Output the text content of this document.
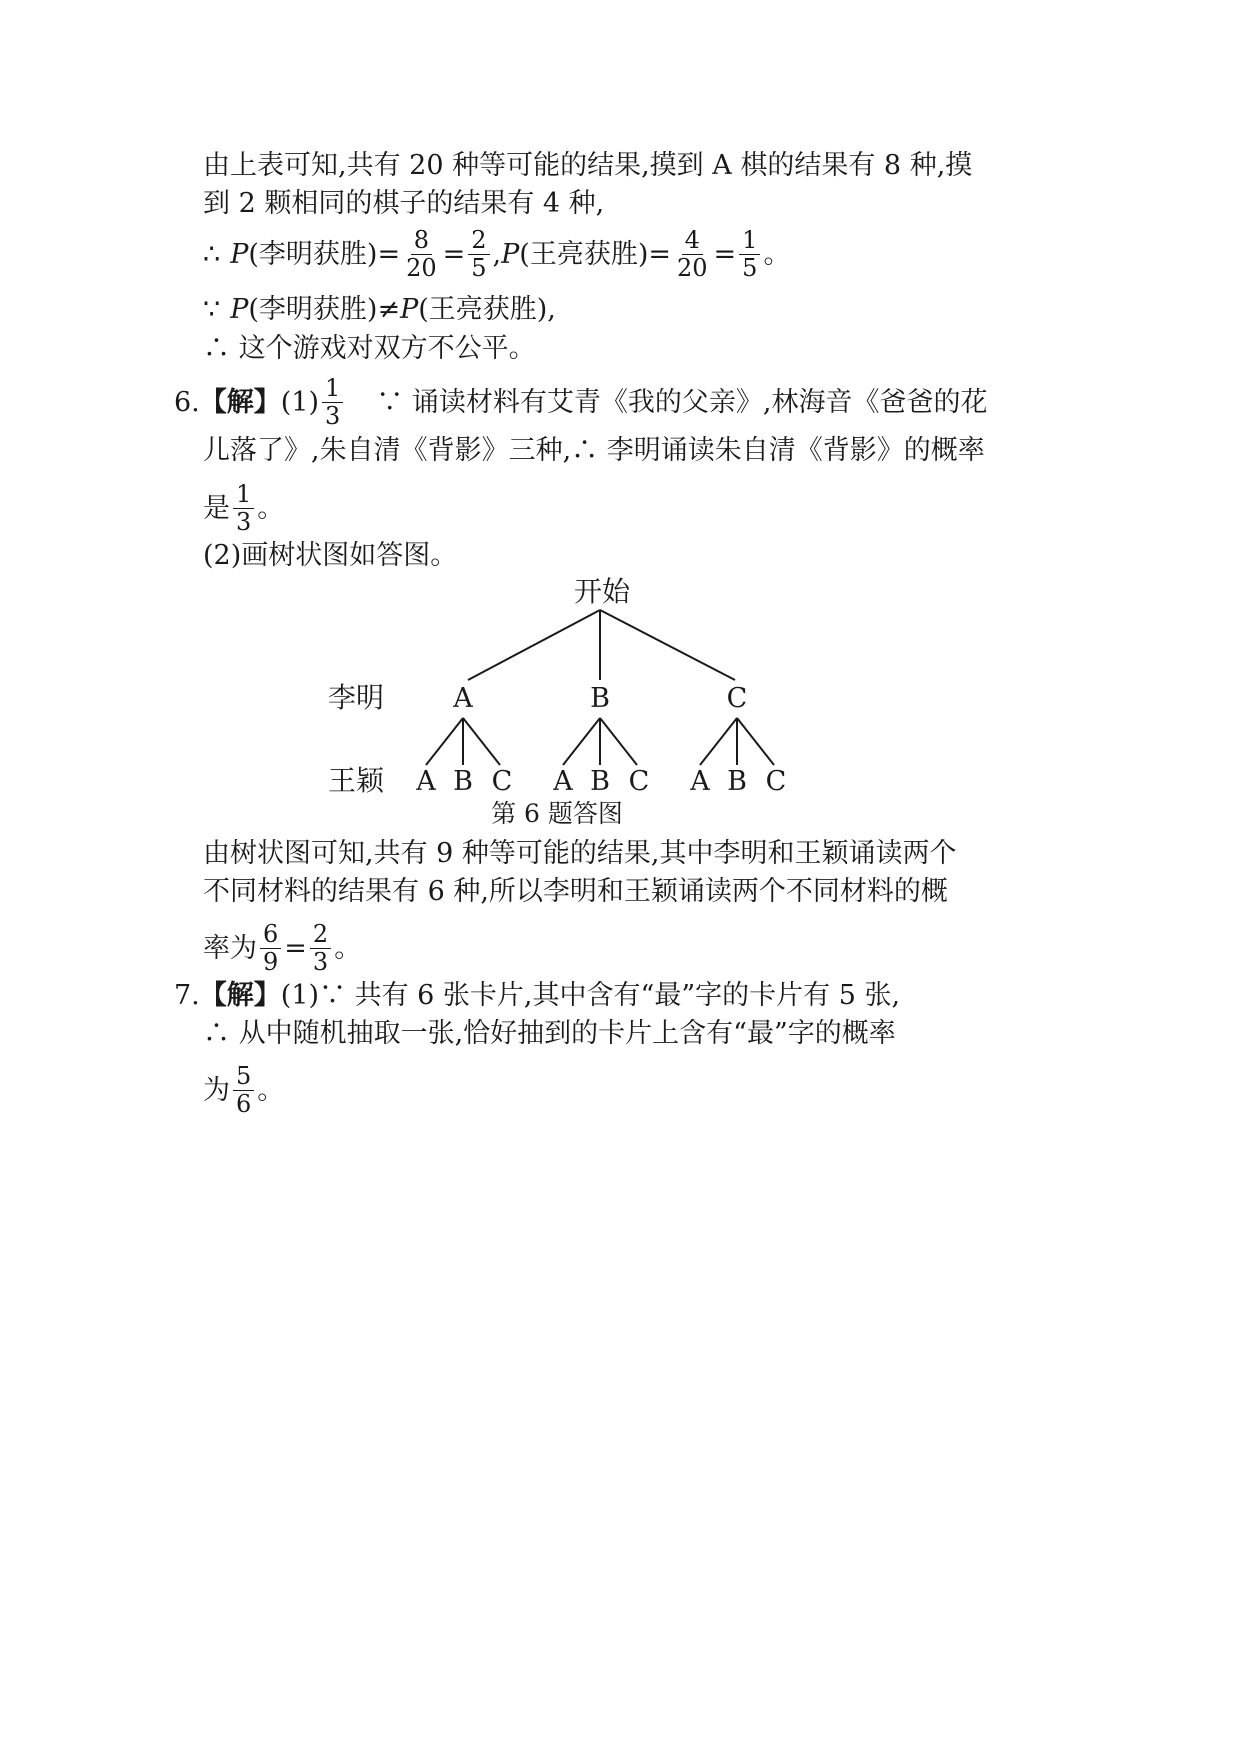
由上表可知,共有 20 种等可能的结果,摸到 A 棋的结果有 8 种,摸
到 2 颗相同的棋子的结果有 4 种,
∴ P (李明获胜) = $\frac{8}{20} = \frac{2}{5}$ , P (王亮获胜) = $\frac{4}{20} = \frac{1}{5}$ 。
∵ P (李明获胜) ≠ P (王亮获胜),
∴ 这个游戏对双方不公平。
6. 【解】 $(1) \frac{1}{3}$ ∵ 诵读材料有艾青《我的父亲》,林海音《爸爸的花
儿落了》,朱自清《背影》三种,∴ 李明诵读朱自清《背影》的概率
是 $\frac{1}{3}$ 。
(2)画树状图如答图。
开始
李明
王颖
A	B	C
A B C A B C A B C
第 6 题答图
由树状图可知,共有 9 种等可能的结果,其中李明和王颖诵读两个
不同材料的结果有 6 种,所以李明和王颖诵读两个不同材料的概
率为 $\frac{6}{9} = \frac{2}{3}$ 。
7. 【解】 (1)∵ 共有 6 张卡片,其中含有“最”字的卡片有 5 张,
∴ 从中随机抽取一张,恰好抽到的卡片上含有“最”字的概率
为 $\frac{5}{6}$ 。
